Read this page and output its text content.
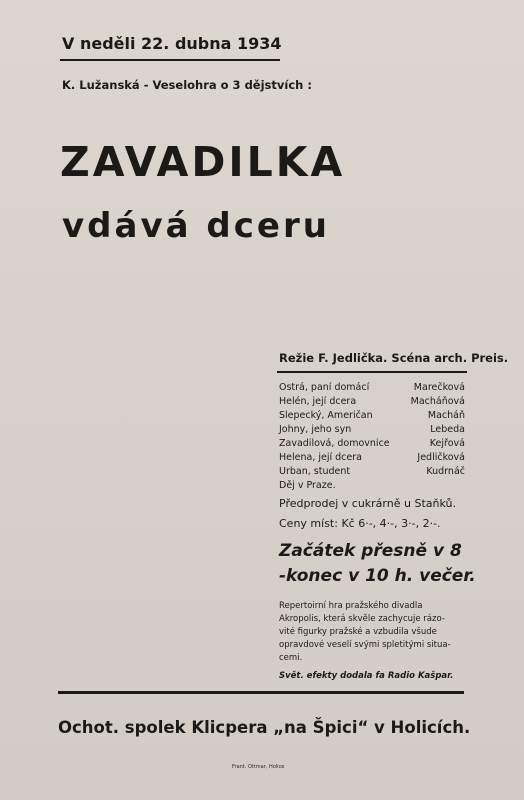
V neděli 22. dubna 1934
K. Lužanská - Veselohra o 3 dějstvích :
ZAVADILKA
vdává dceru
Režie F. Jedlička. Scéna arch. Preis.
Ostrá, paní domácí	Marečková
Helén, její dcera	Macháňová
Slepecký, Američan	Macháň
Johny, jeho syn	Lebeda
Zavadilová, domovnice	Kejřová
Helena, její dcera	Jedličková
Urban, student	Kudrnáč
Děj v Praze.
Předprodej v cukrárně u Staňků.
Ceny míst: Kč 6·-, 4·-, 3·-, 2·-.
Začátek přesně v 8
-konec v 10 h. večer.
Repertoirní hra pražského divadla
Akropolis, která skvěle zachycuje rázo-
vité figurky pražské a vzbudila všude
opravdové veselí svými spletitými situa-
cemi.
Svět. efekty dodala fa Radio Kašpar.
Ochot. spolek Klicpera „na Špici“ v Holicích.
Frant. Ottmar, Holice
